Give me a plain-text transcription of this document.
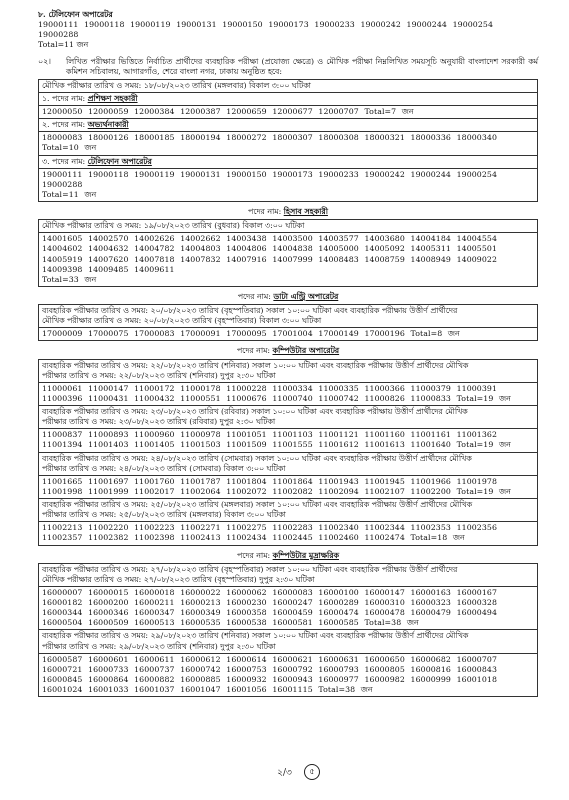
৮. টেলিফোন অপারেটর
19000111 19000118 19000119 19000131 19000150 19000173 19000233 19000242 19000244 19000254 19000288
Total=11 জন
০২।	লিখিত পরীক্ষার ভিত্তিতে নির্বাচিত প্রার্থীদের ব্যবহারিক পরীক্ষা (প্রযোজ্য ক্ষেত্রে) ও মৌখিক পরীক্ষা নিম্নলিখিত সময়সূচি অনুযায়ী বাংলাদেশ সরকারী কর্ম কমিশন সচিবালয়, আগারগাঁও, শেরে বাংলা নগর, ঢাকায় অনুষ্ঠিত হবে:
মৌখিক পরীক্ষার তারিখ ও সময়: ১৮/০৮/২০২৩ তারিখ (মঙ্গলবার) বিকাল ৩:০০ ঘটিকা
১. পদের নাম: প্রশিক্ষণ সহকারী
12000050 12000059 12000384 12000387 12000659 12000677 12000707 Total=7 জন
২. পদের নাম: অভ্যর্থনাকারী
18000083 18000126 18000185 18000194 18000272 18000307 18000308 18000321 18000336 18000340 Total=10 জন
৩. পদের নাম: টেলিফোন অপারেটর
19000111 19000118 19000119 19000131 19000150 19000173 19000233 19000242 19000244 19000254 19000288
Total=11 জন
পদের নাম: হিসাব সহকারী
মৌখিক পরীক্ষার তারিখ ও সময়: ১৯/০৮/২০২৩ তারিখ (বুধবার) বিকাল ৩:০০ ঘটিকা
14001605 14002570 14002626 14002662 14003438 14003500 14003577 14003680 14004184 14004554 14004602 14004632 14004782 14004803 14004806 14004838 14005000 14005092 14005311 14005501 14005919 14007620 14007818 14007832 14007916 14007999 14008483 14008759 14008949 14009022 14009398 14009485 14009611
Total=33 জন
পদের নাম: ডাটা এন্ট্রি অপারেটর
ব্যবহারিক পরীক্ষার তারিখ ও সময়: ২০/০৮/২০২৩ তারিখ (বৃহস্পতিবার) সকাল ১০:০০ ঘটিকা এবং ব্যবহারিক পরীক্ষায় উত্তীর্ণ প্রার্থীদের
মৌখিক পরীক্ষার তারিখ ও সময়: ২০/০৮/২০২৩ তারিখ (বৃহস্পতিবার) বিকাল ৩:০০ ঘটিকা

17000009 17000075 17000083 17000091 17000095 17001004 17000149 17000196 Total=8 জন
পদের নাম: কম্পিউটার অপারেটর
ব্যবহারিক পরীক্ষার তারিখ ও সময়: ২২/০৮/২০২৩ তারিখ (শনিবার) সকাল ১০:০০ ঘটিকা এবং ব্যবহারিক পরীক্ষায় উত্তীর্ণ প্রার্থীদের মৌখিক
পরীক্ষার তারিখ ও সময়: ২২/০৮/২০২৩ তারিখ (শনিবার) দুপুর ২:৩০ ঘটিকা

11000061 11000147 11000172 11000178 11000228 11000334 11000335 11000366 11000379 11000391 11000396 11000431 11000432 11000551 11000676 11000740 11000742 11000826 11000833 Total=19 জন

ব্যবহারিক পরীক্ষার তারিখ ও সময়: ২৩/০৮/২০২৩ তারিখ (রবিবার) সকাল ১০:০০ ঘটিকা এবং ব্যবহারিক পরীক্ষায় উত্তীর্ণ প্রার্থীদের মৌখিক
পরীক্ষার তারিখ ও সময়: ২৩/০৮/২০২৩ তারিখ (রবিবার) দুপুর ২:৩০ ঘটিকা

11000837 11000893 11000960 11000978 11001051 11001103 11001121 11001160 11001161 11001362 11001394 11001403 11001405 11001503 11001509 11001555 11001612 11001613 11001640 Total=19 জন

ব্যবহারিক পরীক্ষার তারিখ ও সময়: ২৪/০৮/২০২৩ তারিখ (সোমবার) সকাল ১০:০০ ঘটিকা এবং ব্যবহারিক পরীক্ষায় উত্তীর্ণ প্রার্থীদের মৌখিক
পরীক্ষার তারিখ ও সময়: ২৪/০৮/২০২৩ তারিখ (সোমবার) বিকাল ৩:০০ ঘটিকা

11001665 11001697 11001760 11001787 11001804 11001864 11001943 11001945 11001966 11001978 11001998 11001999 11002017 11002064 11002072 11002082 11002094 11002107 11002200 Total=19 জন

ব্যবহারিক পরীক্ষার তারিখ ও সময়: ২৫/০৮/২০২৩ তারিখ (মঙ্গলবার) সকাল ১০:০০ ঘটিকা এবং ব্যবহারিক পরীক্ষায় উত্তীর্ণ প্রার্থীদের মৌখিক
পরীক্ষার তারিখ ও সময়: ২৫/০৮/২০২৩ তারিখ (মঙ্গলবার) বিকাল ৩:০০ ঘটিকা

11002213 11002220 11002223 11002271 11002275 11002283 11002340 11002344 11002353 11002356 11002357 11002382 11002398 11002413 11002434 11002445 11002460 11002474 Total=18 জন
পদের নাম: কম্পিউটার মুদ্রাক্ষরিক
ব্যবহারিক পরীক্ষার তারিখ ও সময়: ২৭/০৮/২০২৩ তারিখ (বৃহস্পতিবার) সকাল ১০:০০ ঘটিকা এবং ব্যবহারিক পরীক্ষায় উত্তীর্ণ প্রার্থীদের
মৌখিক পরীক্ষার তারিখ ও সময়: ২৭/০৮/২০২৩ তারিখ (বৃহস্পতিবার) দুপুর ২:৩০ ঘটিকা

16000007 16000015 16000018 16000022 16000062 16000083 16000100 16000147 16000163 16000167 16000182 16000200 16000211 16000213 16000230 16000247 16000289 16000310 16000323 16000328 16000344 16000346 16000347 16000349 16000358 16000459 16000474 16000478 16000479 16000494 16000504 16000509 16000513 16000535 16000538 16000581 16000585 Total=38 জন

ব্যবহারিক পরীক্ষার তারিখ ও সময়: ২৯/০৮/২০২৩ তারিখ (শনিবার) সকাল ১০:০০ ঘটিকা এবং ব্যবহারিক পরীক্ষায় উত্তীর্ণ প্রার্থীদের মৌখিক
পরীক্ষার তারিখ ও সময়: ২৯/০৮/২০২৩ তারিখ (শনিবার) দুপুর ২:৩০ ঘটিকা

16000587 16000601 16000611 16000612 16000614 16000621 16000631 16000650 16000682 16000707 16000721 16000733 16000737 16000742 16000753 16000792 16000793 16000805 16000816 16000843 16000845 16000864 16000882 16000885 16000932 16000943 16000977 16000982 16000999 16001018 16001024 16001033 16001037 16001047 16001056 16001115 Total=38 জন
২/৩	৫
